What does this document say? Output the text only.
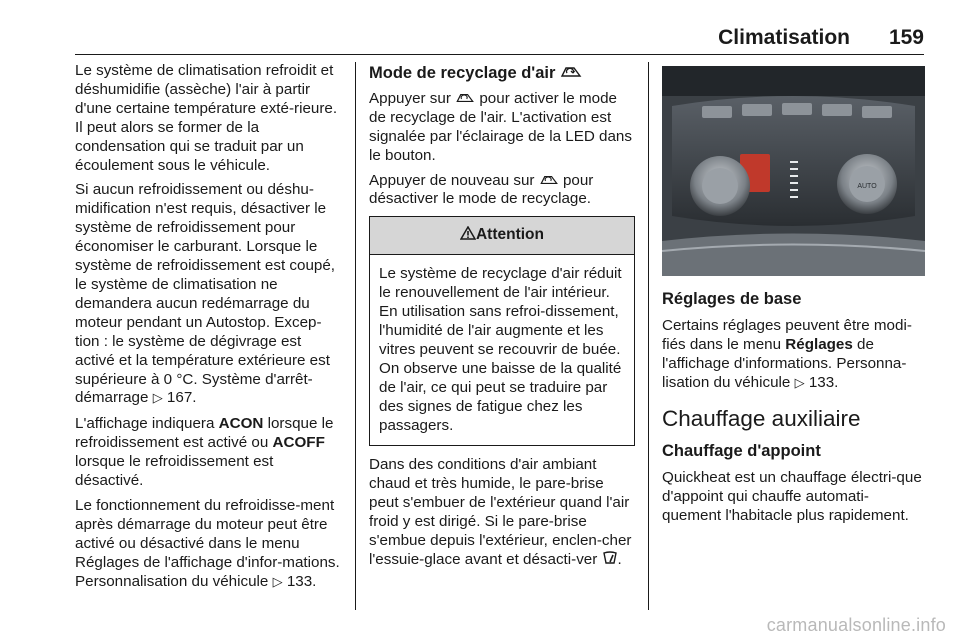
Climatisation 159

Le système de climatisation refroidit et déshumidifie (assèche) l'air à partir d'une certaine température exté-rieure. Il peut alors se former de la condensation qui se traduit par un écoulement sous le véhicule.

Si aucun refroidissement ou déshu-midification n'est requis, désactiver le système de refroidissement pour économiser le carburant. Lorsque le système de refroidissement est coupé, le système de climatisation ne demandera aucun redémarrage du moteur pendant un Autostop. Excep-tion : le système de dégivrage est activé et la température extérieure est supérieure à 0 °C. Système d'arrêt-démarrage ▷ 167.

L'affichage indiquera ACON lorsque le refroidissement est activé ou ACOFF lorsque le refroidissement est désactivé.

Le fonctionnement du refroidisse-ment après démarrage du moteur peut être activé ou désactivé dans le menu Réglages de l'affichage d'infor-mations. Personnalisation du véhicule ▷ 133.

Mode de recyclage d'air

Appuyer sur pour activer le mode de recyclage de l'air. L'activation est signalée par l'éclairage de la LED dans le bouton.

Appuyer de nouveau sur pour désactiver le mode de recyclage.

Attention
Le système de recyclage d'air réduit le renouvellement de l'air intérieur. En utilisation sans refroi-dissement, l'humidité de l'air augmente et les vitres peuvent se recouvrir de buée. On observe une baisse de la qualité de l'air, ce qui peut se traduire par des signes de fatigue chez les passagers.

Dans des conditions d'air ambiant chaud et très humide, le pare-brise peut s'embuer de l'extérieur quand l'air froid y est dirigé. Si le pare-brise s'embue depuis l'extérieur, enclen-cher l'essuie-glace avant et désacti-ver .

AUTO
Réglages de base

Certains réglages peuvent être modi-fiés dans le menu Réglages de l'affichage d'informations. Personna-lisation du véhicule ▷ 133.

Chauffage auxiliaire
Chauffage d'appoint

Quickheat est un chauffage électri-que d'appoint qui chauffe automati-quement l'habitacle plus rapidement.

carmanualsonline.info
